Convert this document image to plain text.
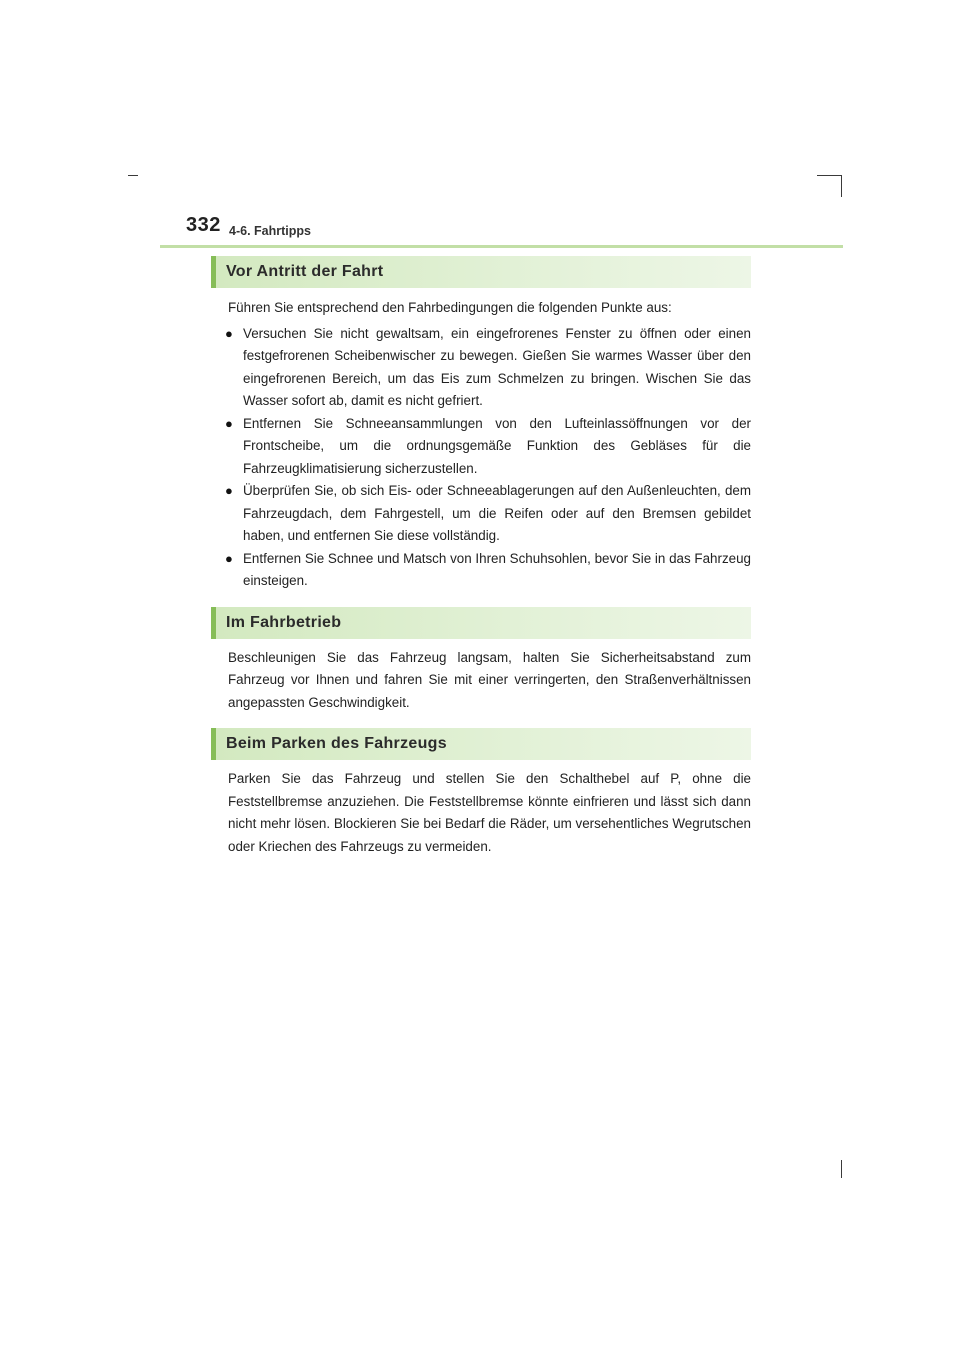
332 4-6. Fahrtipps
Vor Antritt der Fahrt

Führen Sie entsprechend den Fahrbedingungen die folgenden Punkte aus:

● Versuchen Sie nicht gewaltsam, ein eingefrorenes Fenster zu öffnen oder einen festgefrorenen Scheibenwischer zu bewegen. Gießen Sie warmes Wasser über den eingefrorenen Bereich, um das Eis zum Schmelzen zu bringen. Wischen Sie das Wasser sofort ab, damit es nicht gefriert.
● Entfernen Sie Schneeansammlungen von den Lufteinlassöffnungen vor der Frontscheibe, um die ordnungsgemäße Funktion des Gebläses für die Fahrzeugklimatisierung sicherzustellen.
● Überprüfen Sie, ob sich Eis- oder Schneeablagerungen auf den Außenleuchten, dem Fahrzeugdach, dem Fahrgestell, um die Reifen oder auf den Bremsen gebildet haben, und entfernen Sie diese vollständig.
● Entfernen Sie Schnee und Matsch von Ihren Schuhsohlen, bevor Sie in das Fahrzeug einsteigen.
Im Fahrbetrieb

Beschleunigen Sie das Fahrzeug langsam, halten Sie Sicherheitsabstand zum Fahrzeug vor Ihnen und fahren Sie mit einer verringerten, den Straßenverhältnissen angepassten Geschwindigkeit.

Beim Parken des Fahrzeugs

Parken Sie das Fahrzeug und stellen Sie den Schalthebel auf P, ohne die Feststellbremse anzuziehen. Die Feststellbremse könnte einfrieren und lässt sich dann nicht mehr lösen. Blockieren Sie bei Bedarf die Räder, um versehentliches Wegrutschen oder Kriechen des Fahrzeugs zu vermeiden.
